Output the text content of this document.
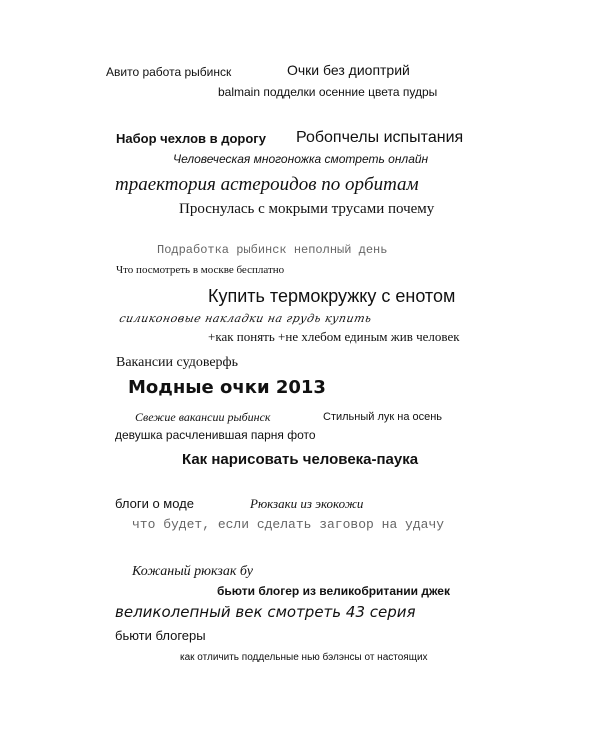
Авито работа рыбинск	Очки без диоптрий

balmain подделки осенние цвета пудры

Набор чехлов в дорогу Робопчелы испытания

Человеческая многоножка смотреть онлайн

траектория астероидов по орбитам

Проснулась с мокрыми трусами почему

Подработка рыбинск неполный день

Что посмотреть в москве бесплатно

Купить термокружку с енотом

силиконовые накладки на грудь купить

+как понять +не хлебом единым жив человек

Вакансии судоверфь

Модные очки 2013

Свежие вакансии рыбинск	Стильный лук на осень

девушка расчленившая парня фото

Как нарисовать человека-паука

блоги о моде	Рюкзаки из экокожи

что будет, если сделать заговор на удачу

Кожаный рюкзак бу

бьюти блогер из великобритании джек

великолепный век смотреть 43 серия

бьюти блогеры

как отличить поддельные нью бэлэнсы от настоящих
